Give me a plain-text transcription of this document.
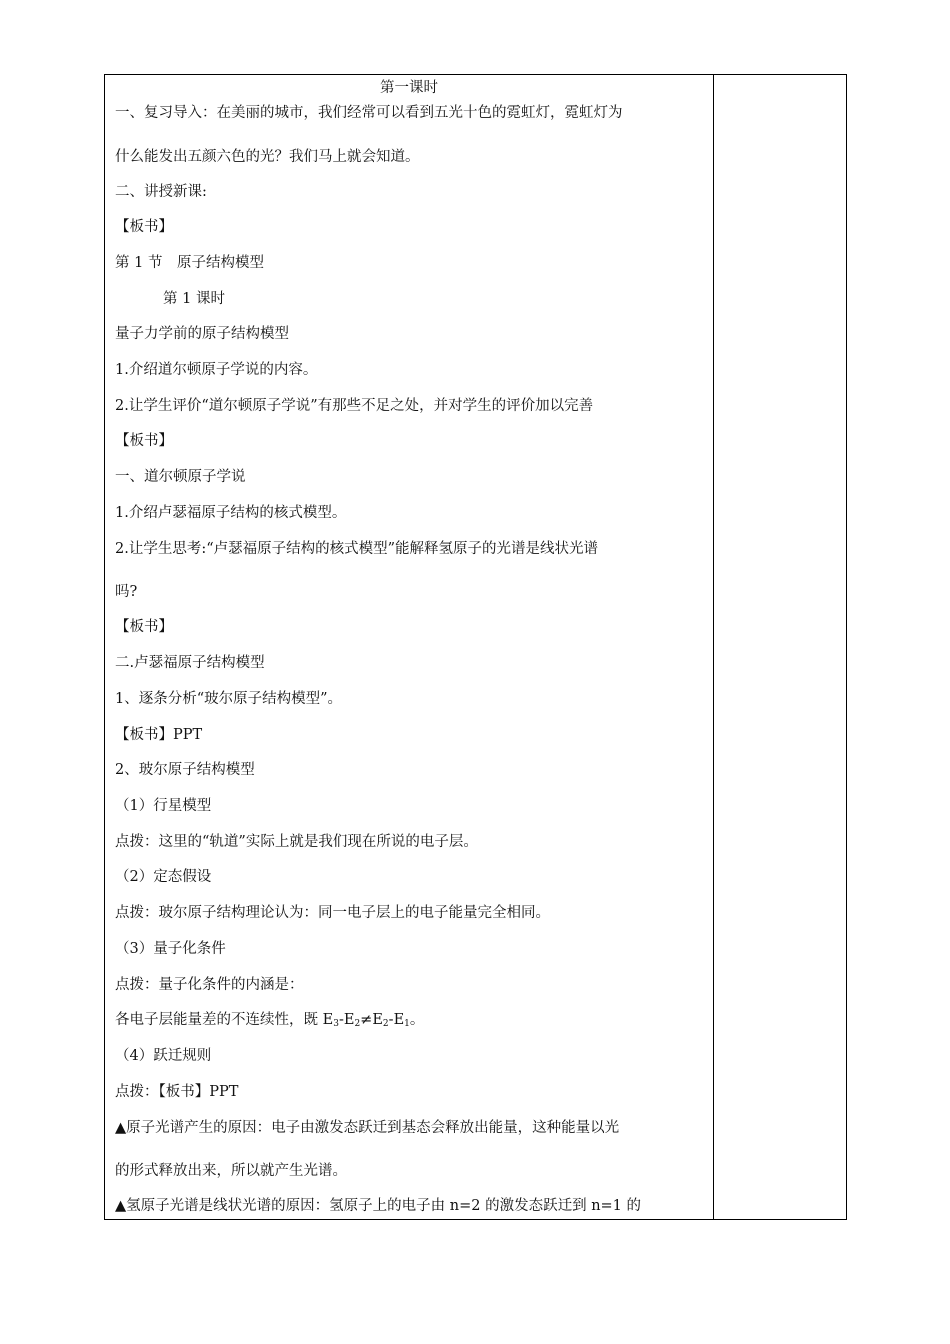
第一课时
一、复习导入：在美丽的城市，我们经常可以看到五光十色的霓虹灯，霓虹灯为
什么能发出五颜六色的光？我们马上就会知道。
二、讲授新课:
【板书】
第 1 节　原子结构模型
第 1 课时
量子力学前的原子结构模型
1.介绍道尔顿原子学说的内容。
2.让学生评价“道尔顿原子学说”有那些不足之处，并对学生的评价加以完善
【板书】
一、道尔顿原子学说
1.介绍卢瑟福原子结构的核式模型。
2.让学生思考:“卢瑟福原子结构的核式模型”能解释氢原子的光谱是线状光谱
吗?
【板书】
二.卢瑟福原子结构模型
1、逐条分析“玻尔原子结构模型”。
【板书】PPT
2、玻尔原子结构模型
（1）行星模型
点拨：这里的“轨道”实际上就是我们现在所说的电子层。
（2）定态假设
点拨：玻尔原子结构理论认为：同一电子层上的电子能量完全相同。
（3）量子化条件
点拨：量子化条件的内涵是：
各电子层能量差的不连续性，既 $E_3-E_2\ne E_2-E_1$。
（4）跃迁规则
点拨：【板书】PPT
▲原子光谱产生的原因：电子由激发态跃迁到基态会释放出能量，这种能量以光
的形式释放出来，所以就产生光谱。
▲氢原子光谱是线状光谱的原因：氢原子上的电子由 n=2 的激发态跃迁到 n=1 的
